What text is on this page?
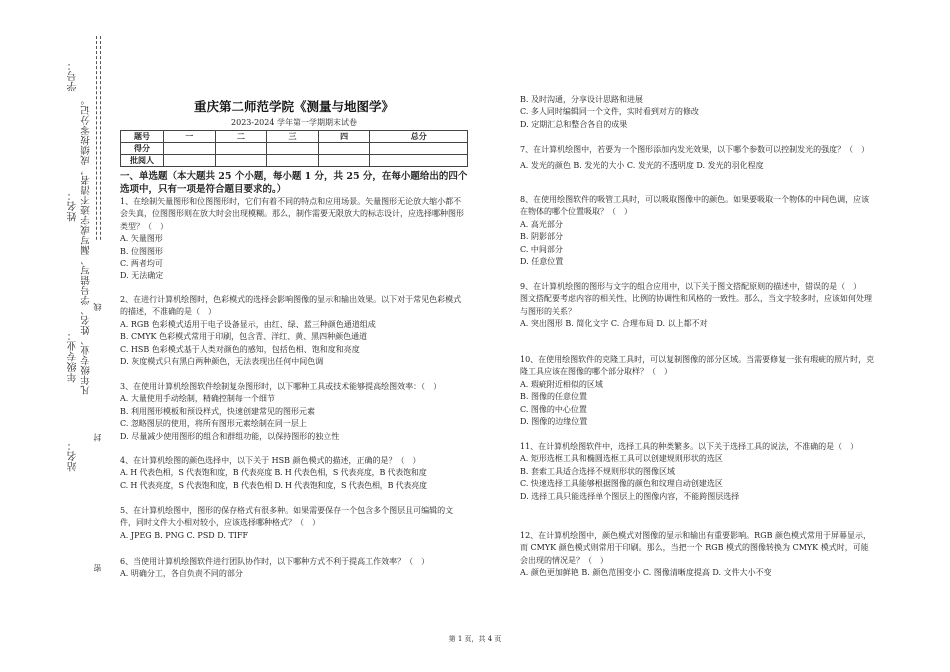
站名：
年级专业：
姓名：
学号：
凡年级专业、姓名、学号错写、漏写或字迹不清者，成绩按零分记。 密 封 线
重庆第二师范学院《测量与地图学》
2023-2024 学年第一学期期末试卷
题号	一	二	三	四	总分
得分					
批阅人					
一、单选题（本大题共 25 个小题，每小题 1 分，共 25 分，在每小题给出的四个选项中，只有一项是符合题目要求的。）
1、在绘制矢量图形和位图图形时，它们有着不同的特点和应用场景。矢量图形无论放大缩小都不会失真，位图图形则在放大时会出现模糊。那么，制作需要无限放大的标志设计，应选择哪种图形类型？（　）
A. 矢量图形
B. 位图图形
C. 两者均可
D. 无法确定
2、在进行计算机绘图时，色彩模式的选择会影响图像的显示和输出效果。以下对于常见色彩模式的描述，不准确的是（　）
A. RGB 色彩模式适用于电子设备显示，由红、绿、蓝三种颜色通道组成
B. CMYK 色彩模式常用于印刷，包含青、洋红、黄、黑四种颜色通道
C. HSB 色彩模式基于人类对颜色的感知，包括色相、饱和度和亮度
D. 灰度模式只有黑白两种颜色，无法表现出任何中间色调
3、在使用计算机绘图软件绘制复杂图形时，以下哪种工具或技术能够提高绘图效率：（　）
A. 大量使用手动绘制，精确控制每一个细节
B. 利用图形模板和预设样式，快速创建常见的图形元素
C. 忽略图层的使用，将所有图形元素绘制在同一层上
D. 尽量减少使用图形的组合和群组功能，以保持图形的独立性
4、在计算机绘图的颜色选择中，以下关于 HSB 颜色模式的描述，正确的是？（　）
A. H 代表色相，S 代表饱和度，B 代表亮度 B. H 代表色相，S 代表亮度，B 代表饱和度
C. H 代表亮度，S 代表饱和度，B 代表色相 D. H 代表饱和度，S 代表色相，B 代表亮度
5、在计算机绘图中，图形的保存格式有很多种。如果需要保存一个包含多个图层且可编辑的文件，同时文件大小相对较小，应该选择哪种格式？（　）
A. JPEG B. PNG C. PSD D. TIFF
6、当使用计算机绘图软件进行团队协作时，以下哪种方式不利于提高工作效率？（　）
A. 明确分工，各自负责不同的部分
B. 及时沟通，分享设计思路和进展
C. 多人同时编辑同一个文件，实时看到对方的修改
D. 定期汇总和整合各自的成果
7、在计算机绘图中，若要为一个图形添加内发光效果，以下哪个参数可以控制发光的强度？（　）
A. 发光的颜色 B. 发光的大小 C. 发光的不透明度 D. 发光的羽化程度
8、在使用绘图软件的吸管工具时，可以吸取图像中的颜色。如果要吸取一个物体的中间色调，应该在物体的哪个位置吸取？（　）
A. 高光部分
B. 阴影部分
C. 中间部分
D. 任意位置
9、在计算机绘图的图形与文字的组合应用中，以下关于图文搭配原则的描述中，错误的是（　）
图文搭配要考虑内容的相关性、比例的协调性和风格的一致性。那么，当文字较多时，应该如何处理与图形的关系？
A. 突出图形 B. 简化文字 C. 合理布局 D. 以上都不对
10、在使用绘图软件的克隆工具时，可以复制图像的部分区域。当需要修复一张有瑕疵的照片时，克隆工具应该在图像的哪个部分取样？（　）
A. 瑕疵附近相似的区域
B. 图像的任意位置
C. 图像的中心位置
D. 图像的边缘位置
11、在计算机绘图软件中，选择工具的种类繁多。以下关于选择工具的说法，不准确的是（　）
A. 矩形选框工具和椭圆选框工具可以创建规则形状的选区
B. 套索工具适合选择不规则形状的图像区域
C. 快速选择工具能够根据图像的颜色和纹理自动创建选区
D. 选择工具只能选择单个图层上的图像内容，不能跨图层选择
12、在计算机绘图中，颜色模式对图像的显示和输出有重要影响。RGB 颜色模式常用于屏幕显示，而 CMYK 颜色模式则常用于印刷。那么，当把一个 RGB 模式的图像转换为 CMYK 模式时，可能会出现的情况是？（　）
A. 颜色更加鲜艳 B. 颜色范围变小 C. 图像清晰度提高 D. 文件大小不变
第 1 页，共 4 页
